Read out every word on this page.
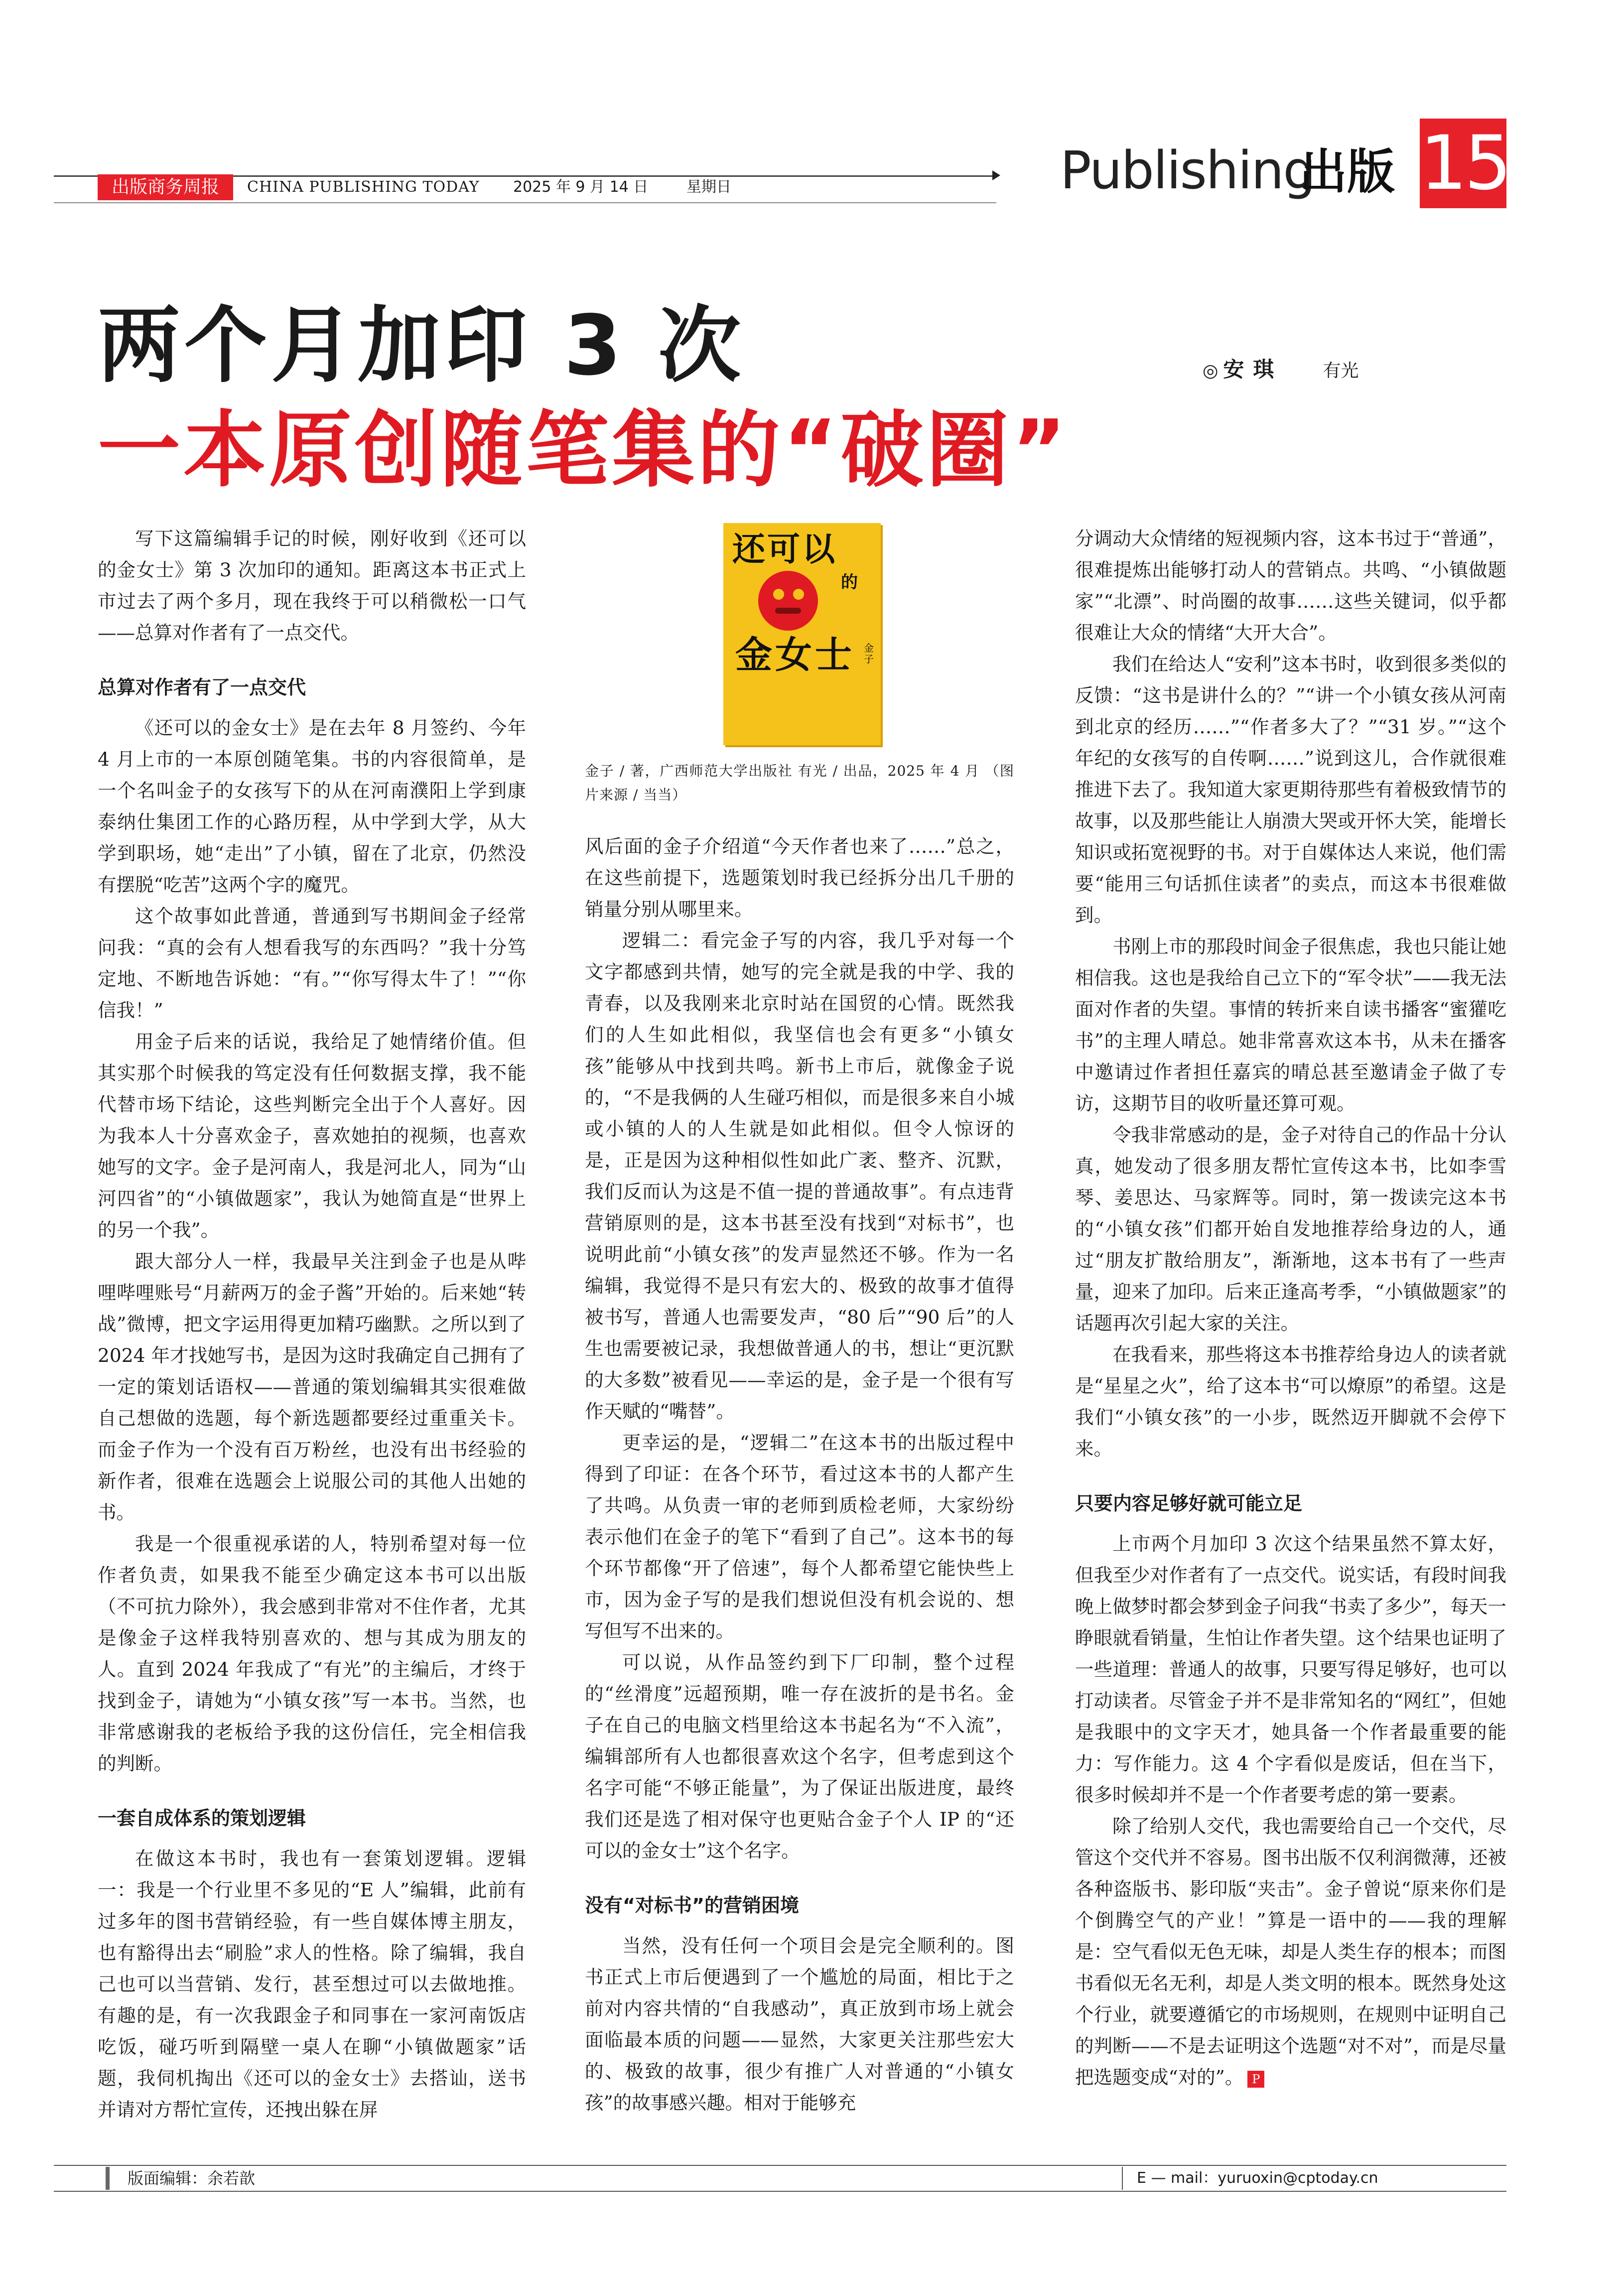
出版商务周报	CHINA PUBLISHING TODAY 2025 年 9 月 14 日	星期日	Publishing
出版 15
两个月加印 3 次
一本原创随笔集的“破圈”
◎ 安琪 有光

写下这篇编辑手记的时候，刚好收到《还可以的金女士》第 3 次加印的通知。距离这本书正式上市过去了两个多月，现在我终于可以稍微松一口气——总算对作者有了一点交代。

总算对作者有了一点交代

《还可以的金女士》是在去年 8 月签约、今年 4 月上市的一本原创随笔集。书的内容很简单，是一个名叫金子的女孩写下的从在河南濮阳上学到康泰纳仕集团工作的心路历程，从中学到大学，从大学到职场，她“走出”了小镇，留在了北京，仍然没有摆脱“吃苦”这两个字的魔咒。

这个故事如此普通，普通到写书期间金子经常问我：“真的会有人想看我写的东西吗？”我十分笃定地、不断地告诉她：“有。”“你写得太牛了！”“你信我！”

用金子后来的话说，我给足了她情绪价值。但其实那个时候我的笃定没有任何数据支撑，我不能代替市场下结论，这些判断完全出于个人喜好。因为我本人十分喜欢金子，喜欢她拍的视频，也喜欢她写的文字。金子是河南人，我是河北人，同为“山河四省”的“小镇做题家”，我认为她简直是“世界上的另一个我”。

跟大部分人一样，我最早关注到金子也是从哔哩哔哩账号“月薪两万的金子酱”开始的。后来她“转战”微博，把文字运用得更加精巧幽默。之所以到了 2024 年才找她写书，是因为这时我确定自己拥有了一定的策划话语权——普通的策划编辑其实很难做自己想做的选题，每个新选题都要经过重重关卡。而金子作为一个没有百万粉丝，也没有出书经验的新作者，很难在选题会上说服公司的其他人出她的书。

我是一个很重视承诺的人，特别希望对每一位作者负责，如果我不能至少确定这本书可以出版（不可抗力除外），我会感到非常对不住作者，尤其是像金子这样我特别喜欢的、想与其成为朋友的人。直到 2024 年我成了“有光”的主编后，才终于找到金子，请她为“小镇女孩”写一本书。当然，也非常感谢我的老板给予我的这份信任，完全相信我的判断。

一套自成体系的策划逻辑

在做这本书时，我也有一套策划逻辑。逻辑一：我是一个行业里不多见的“E 人”编辑，此前有过多年的图书营销经验，有一些自媒体博主朋友，也有豁得出去“刷脸”求人的性格。除了编辑，我自己也可以当营销、发行，甚至想过可以去做地推。有趣的是，有一次我跟金子和同事在一家河南饭店吃饭，碰巧听到隔壁一桌人在聊“小镇做题家”话题，我伺机掏出《还可以的金女士》去搭讪，送书并请对方帮忙宣传，还拽出躲在屏

还可以
的
金女士 金子
金子 / 著，广西师范大学出版社 有光 / 出品，2025 年 4 月 （图片来源 / 当当）

风后面的金子介绍道“今天作者也来了……”总之，在这些前提下，选题策划时我已经拆分出几千册的销量分别从哪里来。

逻辑二：看完金子写的内容，我几乎对每一个文字都感到共情，她写的完全就是我的中学、我的青春，以及我刚来北京时站在国贸的心情。既然我们的人生如此相似，我坚信也会有更多“小镇女孩”能够从中找到共鸣。新书上市后，就像金子说的，“不是我俩的人生碰巧相似，而是很多来自小城或小镇的人的人生就是如此相似。但令人惊讶的是，正是因为这种相似性如此广袤、整齐、沉默，我们反而认为这是不值一提的普通故事”。有点违背营销原则的是，这本书甚至没有找到“对标书”，也说明此前“小镇女孩”的发声显然还不够。作为一名编辑，我觉得不是只有宏大的、极致的故事才值得被书写，普通人也需要发声，“80 后”“90 后”的人生也需要被记录，我想做普通人的书，想让“更沉默的大多数”被看见——幸运的是，金子是一个很有写作天赋的“嘴替”。

更幸运的是，“逻辑二”在这本书的出版过程中得到了印证：在各个环节，看过这本书的人都产生了共鸣。从负责一审的老师到质检老师，大家纷纷表示他们在金子的笔下“看到了自己”。这本书的每个环节都像“开了倍速”，每个人都希望它能快些上市，因为金子写的是我们想说但没有机会说的、想写但写不出来的。

可以说，从作品签约到下厂印制，整个过程的“丝滑度”远超预期，唯一存在波折的是书名。金子在自己的电脑文档里给这本书起名为“不入流”，编辑部所有人也都很喜欢这个名字，但考虑到这个名字可能“不够正能量”，为了保证出版进度，最终我们还是选了相对保守也更贴合金子个人 IP 的“还可以的金女士”这个名字。

没有“对标书”的营销困境

当然，没有任何一个项目会是完全顺利的。图书正式上市后便遇到了一个尴尬的局面，相比于之前对内容共情的“自我感动”，真正放到市场上就会面临最本质的问题——显然，大家更关注那些宏大的、极致的故事，很少有推广人对普通的“小镇女孩”的故事感兴趣。相对于能够充

分调动大众情绪的短视频内容，这本书过于“普通”，很难提炼出能够打动人的营销点。共鸣、“小镇做题家”“北漂”、时尚圈的故事……这些关键词，似乎都很难让大众的情绪“大开大合”。

我们在给达人“安利”这本书时，收到很多类似的反馈：“这书是讲什么的？”“讲一个小镇女孩从河南到北京的经历……”“作者多大了？”“31 岁。”“这个年纪的女孩写的自传啊……”说到这儿，合作就很难推进下去了。我知道大家更期待那些有着极致情节的故事，以及那些能让人崩溃大哭或开怀大笑，能增长知识或拓宽视野的书。对于自媒体达人来说，他们需要“能用三句话抓住读者”的卖点，而这本书很难做到。

书刚上市的那段时间金子很焦虑，我也只能让她相信我。这也是我给自己立下的“军令状”——我无法面对作者的失望。事情的转折来自读书播客“蜜獾吃书”的主理人晴总。她非常喜欢这本书，从未在播客中邀请过作者担任嘉宾的晴总甚至邀请金子做了专访，这期节目的收听量还算可观。

令我非常感动的是，金子对待自己的作品十分认真，她发动了很多朋友帮忙宣传这本书，比如李雪琴、姜思达、马家辉等。同时，第一拨读完这本书的“小镇女孩”们都开始自发地推荐给身边的人，通过“朋友扩散给朋友”，渐渐地，这本书有了一些声量，迎来了加印。后来正逢高考季，“小镇做题家”的话题再次引起大家的关注。

在我看来，那些将这本书推荐给身边人的读者就是“星星之火”，给了这本书“可以燎原”的希望。这是我们“小镇女孩”的一小步，既然迈开脚就不会停下来。

只要内容足够好就可能立足

上市两个月加印 3 次这个结果虽然不算太好，但我至少对作者有了一点交代。说实话，有段时间我晚上做梦时都会梦到金子问我“书卖了多少”，每天一睁眼就看销量，生怕让作者失望。这个结果也证明了一些道理：普通人的故事，只要写得足够好，也可以打动读者。尽管金子并不是非常知名的“网红”，但她是我眼中的文字天才，她具备一个作者最重要的能力：写作能力。这 4 个字看似是废话，但在当下，很多时候却并不是一个作者要考虑的第一要素。

除了给别人交代，我也需要给自己一个交代，尽管这个交代并不容易。图书出版不仅利润微薄，还被各种盗版书、影印版“夹击”。金子曾说“原来你们是个倒腾空气的产业！”算是一语中的——我的理解是：空气看似无色无味，却是人类生存的根本；而图书看似无名无利，却是人类文明的根本。既然身处这个行业，就要遵循它的市场规则，在规则中证明自己的判断——不是去证明这个选题“对不对”，而是尽量把选题变成“对的”。 P

版面编辑：余若歆	E — mail：yuruoxin@cptoday.cn
